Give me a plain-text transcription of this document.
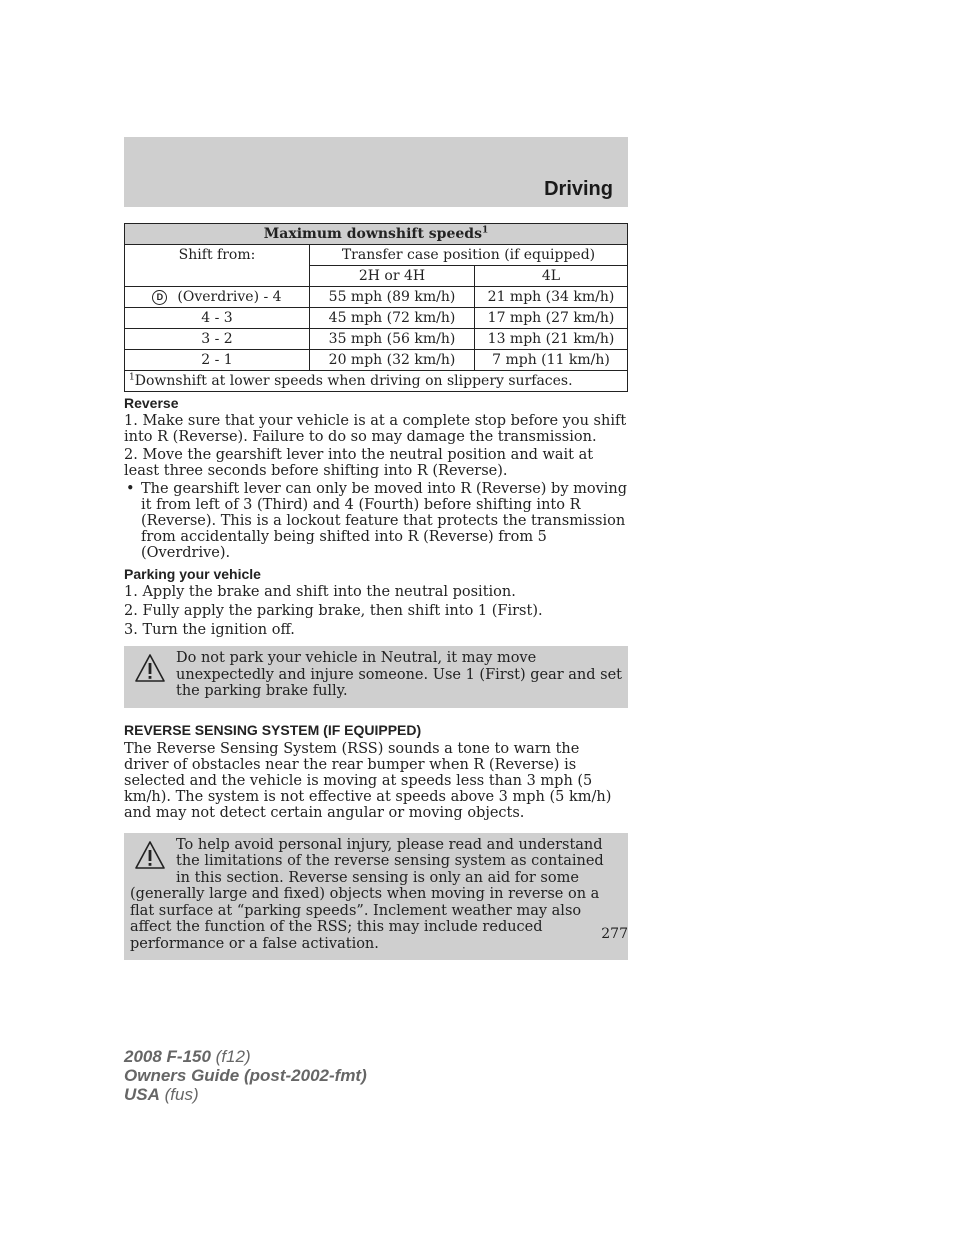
Driving
Maximum downshift speeds$^1$
Shift from:	Transfer case position (if equipped)	
	2H or 4H	4L
D (Overdrive) - 4	55 mph (89 km/h)	21 mph (34 km/h)
4 - 3	45 mph (72 km/h)	17 mph (27 km/h)
3 - 2	35 mph (56 km/h)	13 mph (21 km/h)
2 - 1	20 mph (32 km/h)	7 mph (11 km/h)
$^1$Downshift at lower speeds when driving on slippery surfaces.		
Reverse

1. Make sure that your vehicle is at a complete stop before you shift into R (Reverse). Failure to do so may damage the transmission.

2. Move the gearshift lever into the neutral position and wait at least three seconds before shifting into R (Reverse).

• The gearshift lever can only be moved into R (Reverse) by moving it from left of 3 (Third) and 4 (Fourth) before shifting into R (Reverse). This is a lockout feature that protects the transmission from accidentally being shifted into R (Reverse) from 5 (Overdrive).
Parking your vehicle

1. Apply the brake and shift into the neutral position.

2. Fully apply the parking brake, then shift into 1 (First).

3. Turn the ignition off.

Do not park your vehicle in Neutral, it may move unexpectedly and injure someone. Use 1 (First) gear and set the parking brake fully.
REVERSE SENSING SYSTEM (IF EQUIPPED)

The Reverse Sensing System (RSS) sounds a tone to warn the driver of obstacles near the rear bumper when R (Reverse) is selected and the vehicle is moving at speeds less than 3 mph (5 km/h). The system is not effective at speeds above 3 mph (5 km/h) and may not detect certain angular or moving objects.

To help avoid personal injury, please read and understand the limitations of the reverse sensing system as contained in this section. Reverse sensing is only an aid for some (generally large and fixed) objects when moving in reverse on a flat surface at “parking speeds”. Inclement weather may also affect the function of the RSS; this may include reduced performance or a false activation.
277
2008 F-150 (f12)
Owners Guide (post-2002-fmt)
USA (fus)
